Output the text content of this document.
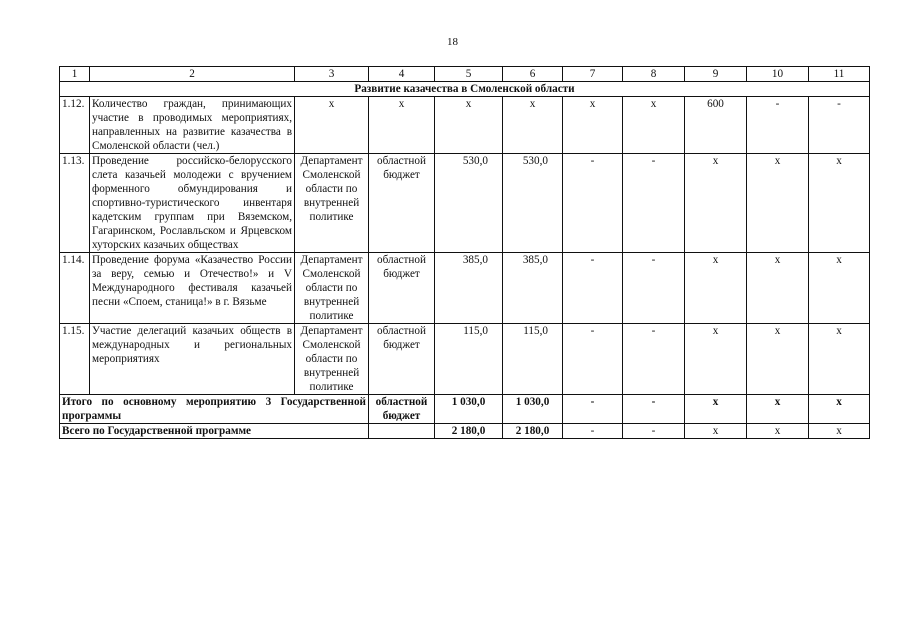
18
1	2	3	4	5	6	7	8	9	10	11
Развитие казачества в Смоленской области										
1.12.	Количество граждан, принимающих участие в проводимых мероприятиях, направленных на развитие казачества в Смоленской области (чел.)	х	х	х	х	х	х	600	-	-
1.13.	Проведение российско-белорусского слета казачьей молодежи с вручением форменного обмундирования и спортивно-туристического инвентаря кадетским группам при Вяземском, Гагаринском, Рославльском и Ярцевском хуторских казачьих обществах	Департамент Смоленской области по внутренней политике	областной бюджет	530,0	530,0	-	-	х	х	х
1.14.	Проведение форума «Казачество России за веру, семью и Отечество!» и V Международного фестиваля казачьей песни «Споем, станица!» в г. Вязьме	Департамент Смоленской области по внутренней политике	областной бюджет	385,0	385,0	-	-	х	х	х
1.15.	Участие делегаций казачьих обществ в международных и региональных мероприятиях	Департамент Смоленской области по внутренней политике	областной бюджет	115,0	115,0	-	-	х	х	х
Итого по основному мероприятию 3 Государственной программы			областной бюджет	1 030,0	1 030,0	-	-	х	х	х
Всего по Государственной программе				2 180,0	2 180,0	-	-	х	х	х
